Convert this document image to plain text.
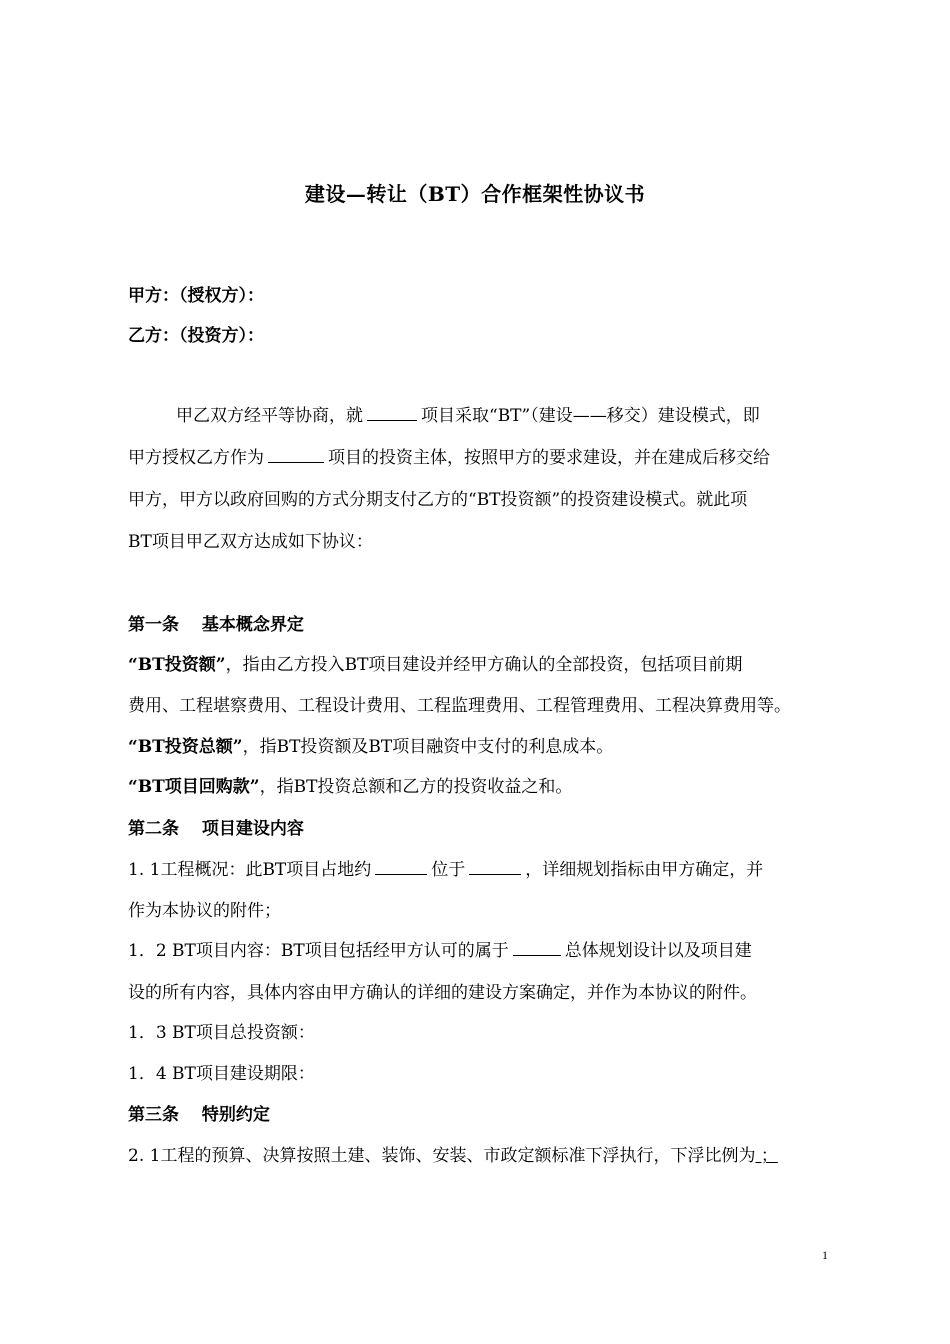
建设—转让（BT）合作框架性协议书
甲方：（授权方）：
乙方：（投资方）：
甲乙双方经平等协商，就	项目采取“BT”（建设——移交）建设模式，即
甲方授权乙方作为	项目的投资主体，按照甲方的要求建设，并在建成后移交给
甲方，甲方以政府回购的方式分期支付乙方的“BT投资额”的投资建设模式。就此项
BT项目甲乙双方达成如下协议：
第一条　 基本概念界定
“BT投资额”，指由乙方投入BT项目建设并经甲方确认的全部投资，包括项目前期
费用、工程堪察费用、工程设计费用、工程监理费用、工程管理费用、工程决算费用等。
“BT投资总额”，指BT投资额及BT项目融资中支付的利息成本。
“BT项目回购款”，指BT投资总额和乙方的投资收益之和。
第二条　 项目建设内容
1. 1工程概况：此BT项目占地约	位于	，详细规划指标由甲方确定，并
作为本协议的附件；
1．2 BT项目内容：BT项目包括经甲方认可的属于	总体规划设计以及项目建
设的所有内容，具体内容由甲方确认的详细的建设方案确定，并作为本协议的附件。
1．3 BT项目总投资额：
1．4 BT项目建设期限：
第三条　 特别约定
2. 1工程的预算、决算按照土建、装饰、安装、市政定额标准下浮执行，下浮比例为 ；
1
